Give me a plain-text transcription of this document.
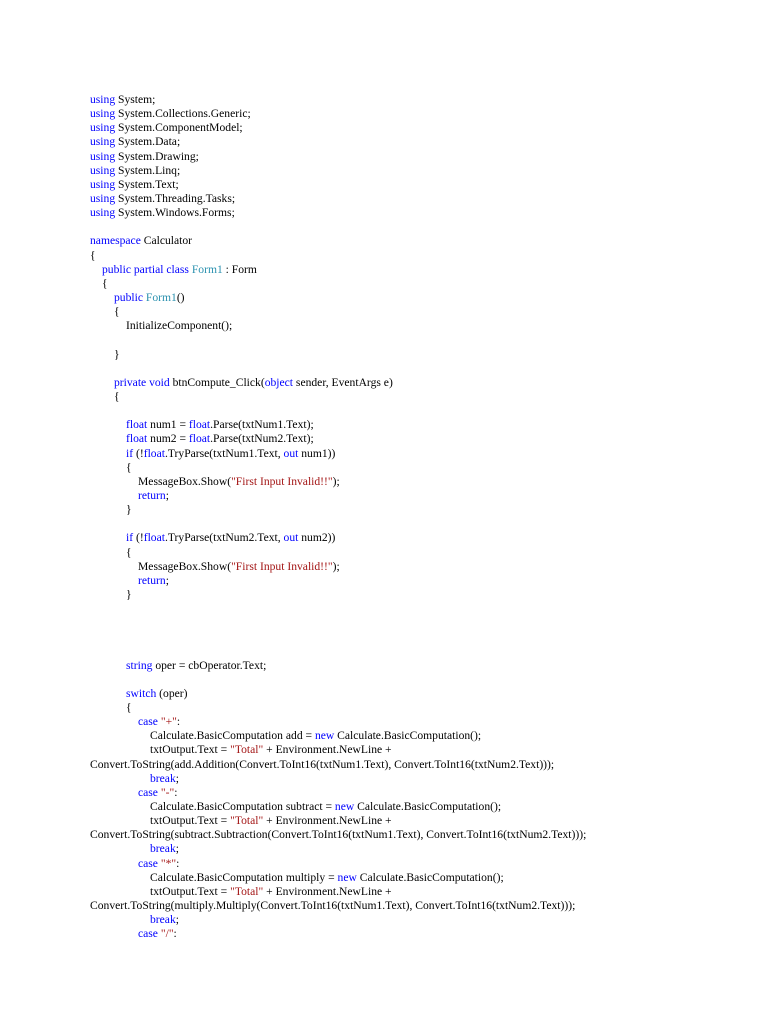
using System;
using System.Collections.Generic;
using System.ComponentModel;
using System.Data;
using System.Drawing;
using System.Linq;
using System.Text;
using System.Threading.Tasks;
using System.Windows.Forms;
namespace Calculator
{
public partial class Form1 : Form
{
public Form1()
{
InitializeComponent();
}
private void btnCompute_Click(object sender, EventArgs e)
{
float num1 = float.Parse(txtNum1.Text);
float num2 = float.Parse(txtNum2.Text);
if (!float.TryParse(txtNum1.Text, out num1))
{
MessageBox.Show("First Input Invalid!!");
return;
}
if (!float.TryParse(txtNum2.Text, out num2))
{
MessageBox.Show("First Input Invalid!!");
return;
}
string oper = cbOperator.Text;
switch (oper)
{
case "+":
Calculate.BasicComputation add = new Calculate.BasicComputation();
txtOutput.Text = "Total" + Environment.NewLine +
Convert.ToString(add.Addition(Convert.ToInt16(txtNum1.Text), Convert.ToInt16(txtNum2.Text)));
break;
case "-":
Calculate.BasicComputation subtract = new Calculate.BasicComputation();
txtOutput.Text = "Total" + Environment.NewLine +
Convert.ToString(subtract.Subtraction(Convert.ToInt16(txtNum1.Text), Convert.ToInt16(txtNum2.Text)));
break;
case "*":
Calculate.BasicComputation multiply = new Calculate.BasicComputation();
txtOutput.Text = "Total" + Environment.NewLine +
Convert.ToString(multiply.Multiply(Convert.ToInt16(txtNum1.Text), Convert.ToInt16(txtNum2.Text)));
break;
case "/":
